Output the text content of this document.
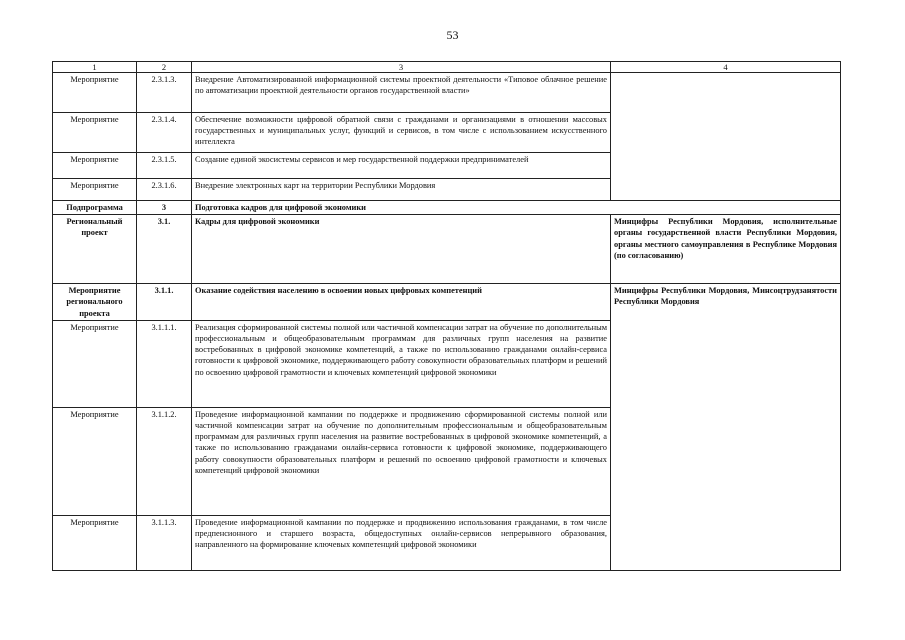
53
1	2	3	4
Мероприятие	2.3.1.3.	Внедрение Автоматизированной информационной системы проектной деятельности «Типовое облачное решение по автоматизации проектной деятельности органов государственной власти»	
Мероприятие	2.3.1.4.	Обеспечение возможности цифровой обратной связи с гражданами и организациями в отношении массовых государственных и муниципальных услуг, функций и сервисов, в том числе с использованием искусственного интеллекта	
Мероприятие	2.3.1.5.	Создание единой экосистемы сервисов и мер государственной поддержки предпринимателей	
Мероприятие	2.3.1.6.	Внедрение электронных карт на территории Республики Мордовия	
Подпрограмма	3	Подготовка кадров для цифровой экономики	
Региональный проект	3.1.	Кадры для цифровой экономики	Минцифры Республики Мордовия, исполнительные органы государственной власти Республики Мордовия, органы местного самоуправления в Республике Мордовия (по согласованию)
Мероприятие регионального проекта	3.1.1.	Оказание содействия населению в освоении новых цифровых компетенций	Минцифры Республики Мордовия, Минсоцтрудзанятости Республики Мордовия
Мероприятие	3.1.1.1.	Реализация сформированной системы полной или частичной компенсации затрат на обучение по дополнительным профессиональным и общеобразовательным программам для различных групп населения на развитие востребованных в цифровой экономике компетенций, а также по использованию гражданами онлайн-сервиса готовности к цифровой экономике, поддерживающего работу совокупности образовательных платформ и решений по освоению цифровой грамотности и ключевых компетенций цифровой экономики	
Мероприятие	3.1.1.2.	Проведение информационной кампании по поддержке и продвижению сформированной системы полной или частичной компенсации затрат на обучение по дополнительным профессиональным и общеобразовательным программам для различных групп населения на развитие востребованных в цифровой экономике компетенций, а также по использованию гражданами онлайн-сервиса готовности к цифровой экономике, поддерживающего работу совокупности образовательных платформ и решений по освоению цифровой грамотности и ключевых компетенций цифровой экономики	
Мероприятие	3.1.1.3.	Проведение информационной кампании по поддержке и продвижению использования гражданами, в том числе предпенсионного и старшего возраста, общедоступных онлайн-сервисов непрерывного образования, направленного на формирование ключевых компетенций цифровой экономики	
